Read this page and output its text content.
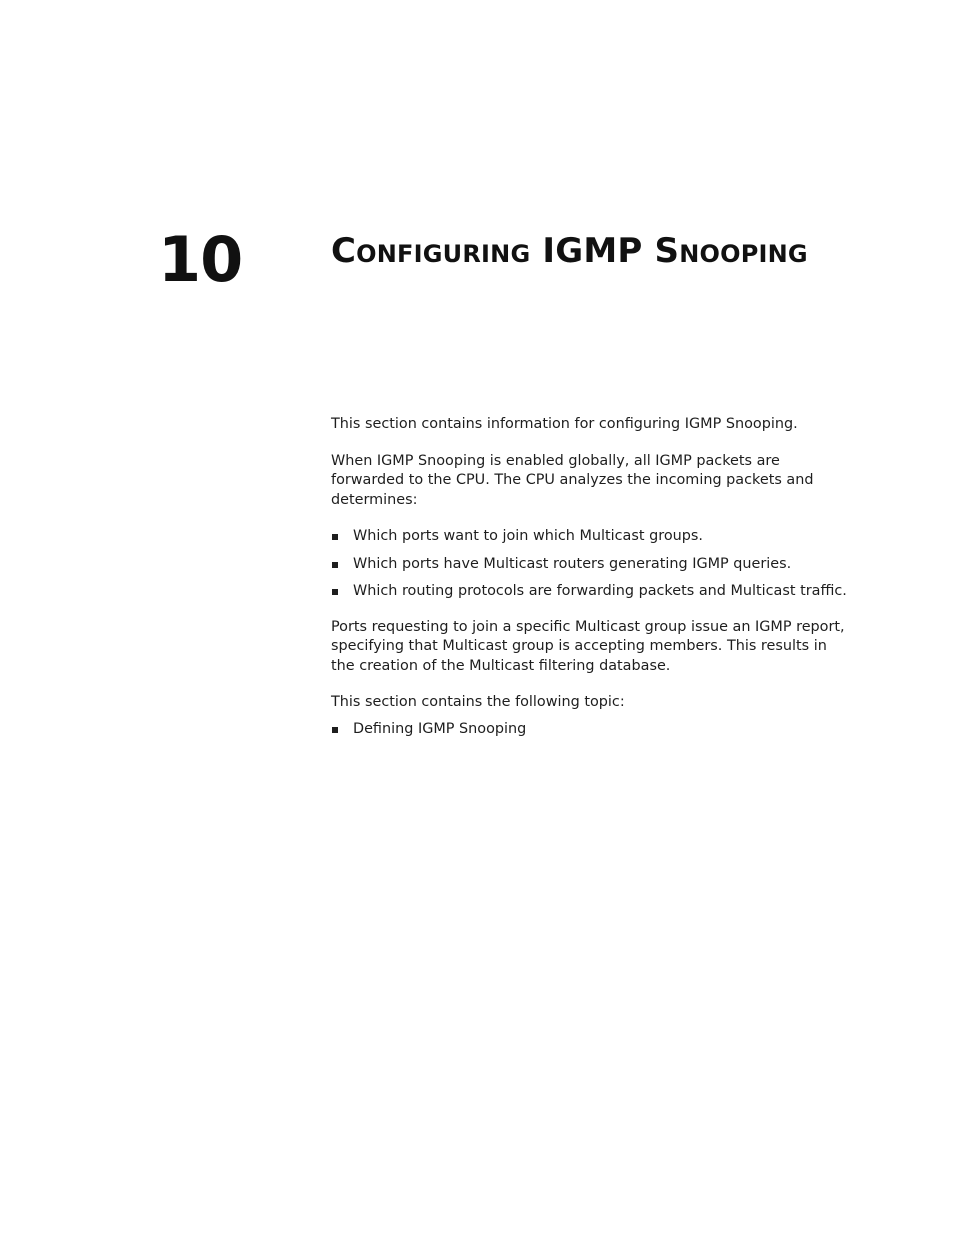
10	Configuring IGMP Snooping

This section contains information for configuring IGMP Snooping.

When IGMP Snooping is enabled globally, all IGMP packets are forwarded to the CPU. The CPU analyzes the incoming packets and determines:

Which ports want to join which Multicast groups.
Which ports have Multicast routers generating IGMP queries.
Which routing protocols are forwarding packets and Multicast traffic.

Ports requesting to join a specific Multicast group issue an IGMP report, specifying that Multicast group is accepting members. This results in the creation of the Multicast filtering database.

This section contains the following topic:

Defining IGMP Snooping
